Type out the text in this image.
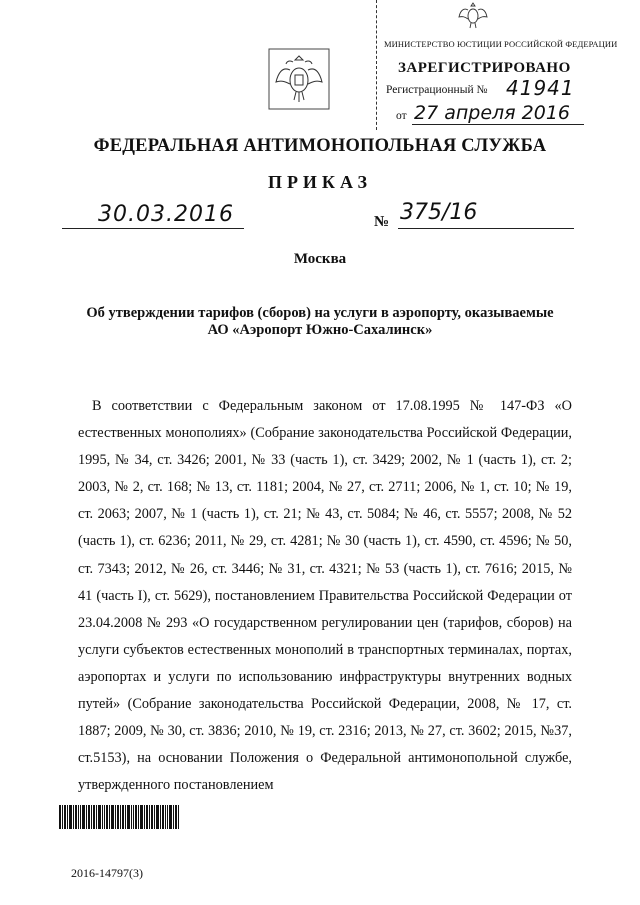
МИНИСТЕРСТВО ЮСТИЦИИ РОССИЙСКОЙ ФЕДЕРАЦИИ
ЗАРЕГИСТРИРОВАНО
Регистрационный № 41941
от 27 апреля 2016
ФЕДЕРАЛЬНАЯ АНТИМОНОПОЛЬНАЯ СЛУЖБА
ПРИКАЗ
30.03.2016	№ 375/16
Москва
Об утверждении тарифов (сборов) на услуги в аэропорту, оказываемые
АО «Аэропорт Южно-Сахалинск»

В соответствии с Федеральным законом от 17.08.1995 № 147-ФЗ «О естественных монополиях» (Собрание законодательства Российской Федерации, 1995, № 34, ст. 3426; 2001, № 33 (часть 1), ст. 3429; 2002, № 1 (часть 1), ст. 2; 2003, № 2, ст. 168; № 13, ст. 1181; 2004, № 27, ст. 2711; 2006, № 1, ст. 10; № 19, ст. 2063; 2007, № 1 (часть 1), ст. 21; № 43, ст. 5084; № 46, ст. 5557; 2008, № 52 (часть 1), ст. 6236; 2011, № 29, ст. 4281; № 30 (часть 1), ст. 4590, ст. 4596; № 50, ст. 7343; 2012, № 26, ст. 3446; № 31, ст. 4321; № 53 (часть 1), ст. 7616; 2015, № 41 (часть I), ст. 5629), постановлением Правительства Российской Федерации от 23.04.2008 № 293 «О государственном регулировании цен (тарифов, сборов) на услуги субъектов естественных монополий в транспортных терминалах, портах, аэропортах и услуги по использованию инфраструктуры внутренних водных путей» (Собрание законодательства Российской Федерации, 2008, № 17, ст. 1887; 2009, № 30, ст. 3836; 2010, № 19, ст. 2316; 2013, № 27, ст. 3602; 2015, №37, ст.5153), на основании Положения о Федеральной антимонопольной службе, утвержденного постановлением

2016-14797(3)
